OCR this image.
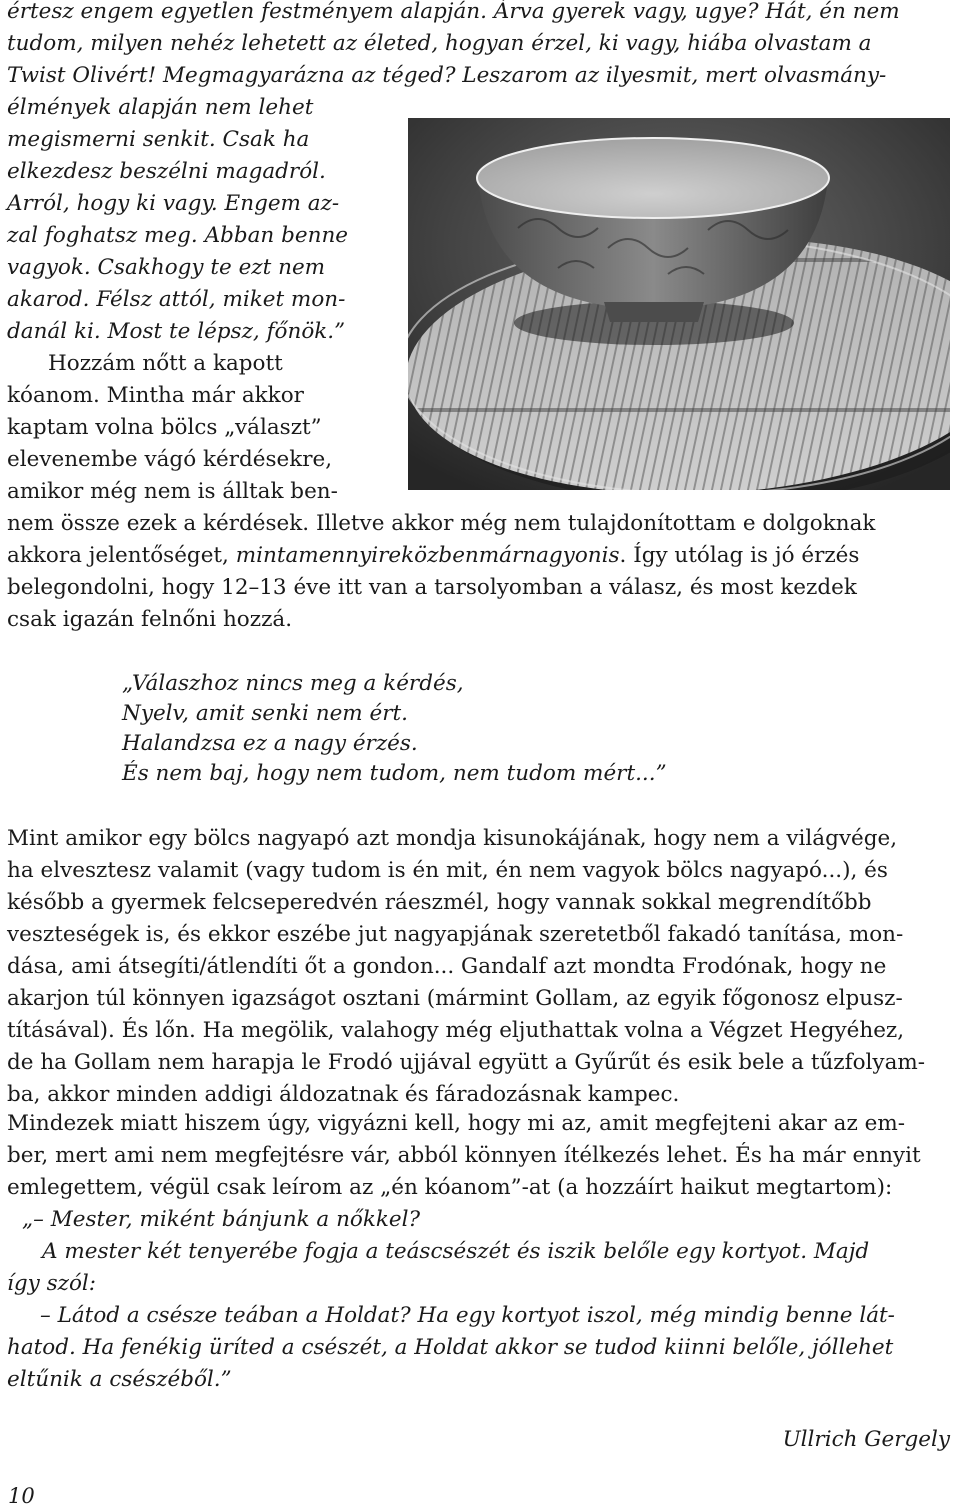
értesz engem egyetlen festményem alapján. Árva gyerek vagy, ugye? Hát, én nem
tudom, milyen nehéz lehetett az életed, hogyan érzel, ki vagy, hiába olvastam a
Twist Olivért! Megmagyarázna az téged? Leszarom az ilyesmit, mert olvasmány-
élmények alapján nem lehet
megismerni senkit. Csak ha
elkezdesz beszélni magadról.
Arról, hogy ki vagy. Engem az-
zal foghatsz meg. Abban benne
vagyok. Csakhogy te ezt nem
akarod. Félsz attól, miket mon-
danál ki. Most te lépsz, főnök.”
Hozzám nőtt a kapott
kóanom. Mintha már akkor
kaptam volna bölcs „választ”
elevenembe vágó kérdésekre,
amikor még nem is álltak ben-
nem össze ezek a kérdések. Illetve akkor még nem tulajdonítottam e dolgoknak
akkora jelentőséget, mintamennyireközbenmárnagyonis. Így utólag is jó érzés
belegondolni, hogy 12–13 éve itt van a tarsolyomban a válasz, és most kezdek
csak igazán felnőni hozzá.
„Válaszhoz nincs meg a kérdés,
Nyelv, amit senki nem ért.
Halandzsa ez a nagy érzés.
És nem baj, hogy nem tudom, nem tudom mért...”
Mint amikor egy bölcs nagyapó azt mondja kisunokájának, hogy nem a világvége,
ha elvesztesz valamit (vagy tudom is én mit, én nem vagyok bölcs nagyapó...), és
később a gyermek felcseperedvén ráeszmél, hogy vannak sokkal megrendítőbb
veszteségek is, és ekkor eszébe jut nagyapjának szeretetből fakadó tanítása, mon-
dása, ami átsegíti/átlendíti őt a gondon... Gandalf azt mondta Frodónak, hogy ne
akarjon túl könnyen igazságot osztani (mármint Gollam, az egyik főgonosz elpusz-
tításával). És lőn. Ha megölik, valahogy még eljuthattak volna a Végzet Hegyéhez,
de ha Gollam nem harapja le Frodó ujjával együtt a Gyűrűt és esik bele a tűzfolyam-
ba, akkor minden addigi áldozatnak és fáradozásnak kampec.
Mindezek miatt hiszem úgy, vigyázni kell, hogy mi az, amit megfejteni akar az em-
ber, mert ami nem megfejtésre vár, abból könnyen ítélkezés lehet. És ha már ennyit
emlegettem, végül csak leírom az „én kóanom”-at (a hozzáírt haikut megtartom):
„– Mester, miként bánjunk a nőkkel?
A mester két tenyerébe fogja a teáscsészét és iszik belőle egy kortyot. Majd
így szól:
– Látod a csésze teában a Holdat? Ha egy kortyot iszol, még mindig benne lát-
hatod. Ha fenékig üríted a csészét, a Holdat akkor se tudod kiinni belőle, jóllehet
eltűnik a csészéből.”
Ullrich Gergely
10
